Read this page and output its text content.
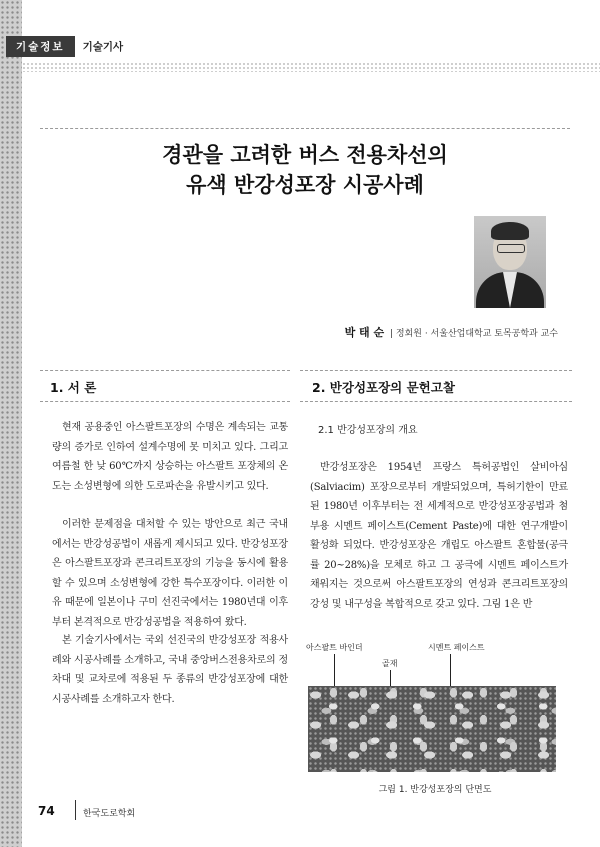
기술정보	기술기사
경관을 고려한 버스 전용차선의
유색 반강성포장 시공사례
박 태 순 | 정회원 · 서울산업대학교 토목공학과 교수
1. 서 론

현재 공용중인 아스팔트포장의 수명은 계속되는 교통량의 증가로 인하여 설계수명에 못 미치고 있다. 그리고 여름철 한 낮 60℃까지 상승하는 아스팔트 포장체의 온도는 소성변형에 의한 도로파손을 유발시키고 있다.

이러한 문제점을 대처할 수 있는 방안으로 최근 국내에서는 반강성공법이 새롭게 제시되고 있다. 반강성포장은 아스팔트포장과 콘크리트포장의 기능을 동시에 활용할 수 있으며 소성변형에 강한 특수포장이다. 이러한 이유 때문에 일본이나 구미 선진국에서는 1980년대 이후부터 본격적으로 반강성공법을 적용하여 왔다.

본 기술기사에서는 국외 선진국의 반강성포장 적용사례와 시공사례를 소개하고, 국내 중앙버스전용차로의 정차대 및 교차로에 적용된 두 종류의 반강성포장에 대한 시공사례를 소개하고자 한다.

2. 반강성포장의 문헌고찰
2.1 반강성포장의 개요

반강성포장은 1954년 프랑스 특허공법인 살비아심(Salviacim) 포장으로부터 개발되었으며, 특허기한이 만료된 1980년 이후부터는 전 세계적으로 반강성포장공법과 첨부용 시멘트 페이스트(Cement Paste)에 대한 연구개발이 활성화 되었다. 반강성포장은 개립도 아스팔트 혼합물(공극률 20~28%)을 모체로 하고 그 공극에 시멘트 페이스트가 채워지는 것으로써 아스팔트포장의 연성과 콘크리트포장의 강성 및 내구성을 복합적으로 갖고 있다. 그림 1은 반

아스팔트 바인더	시멘트 페이스트
골재
그림 1. 반강성포장의 단면도
74	한국도로학회
